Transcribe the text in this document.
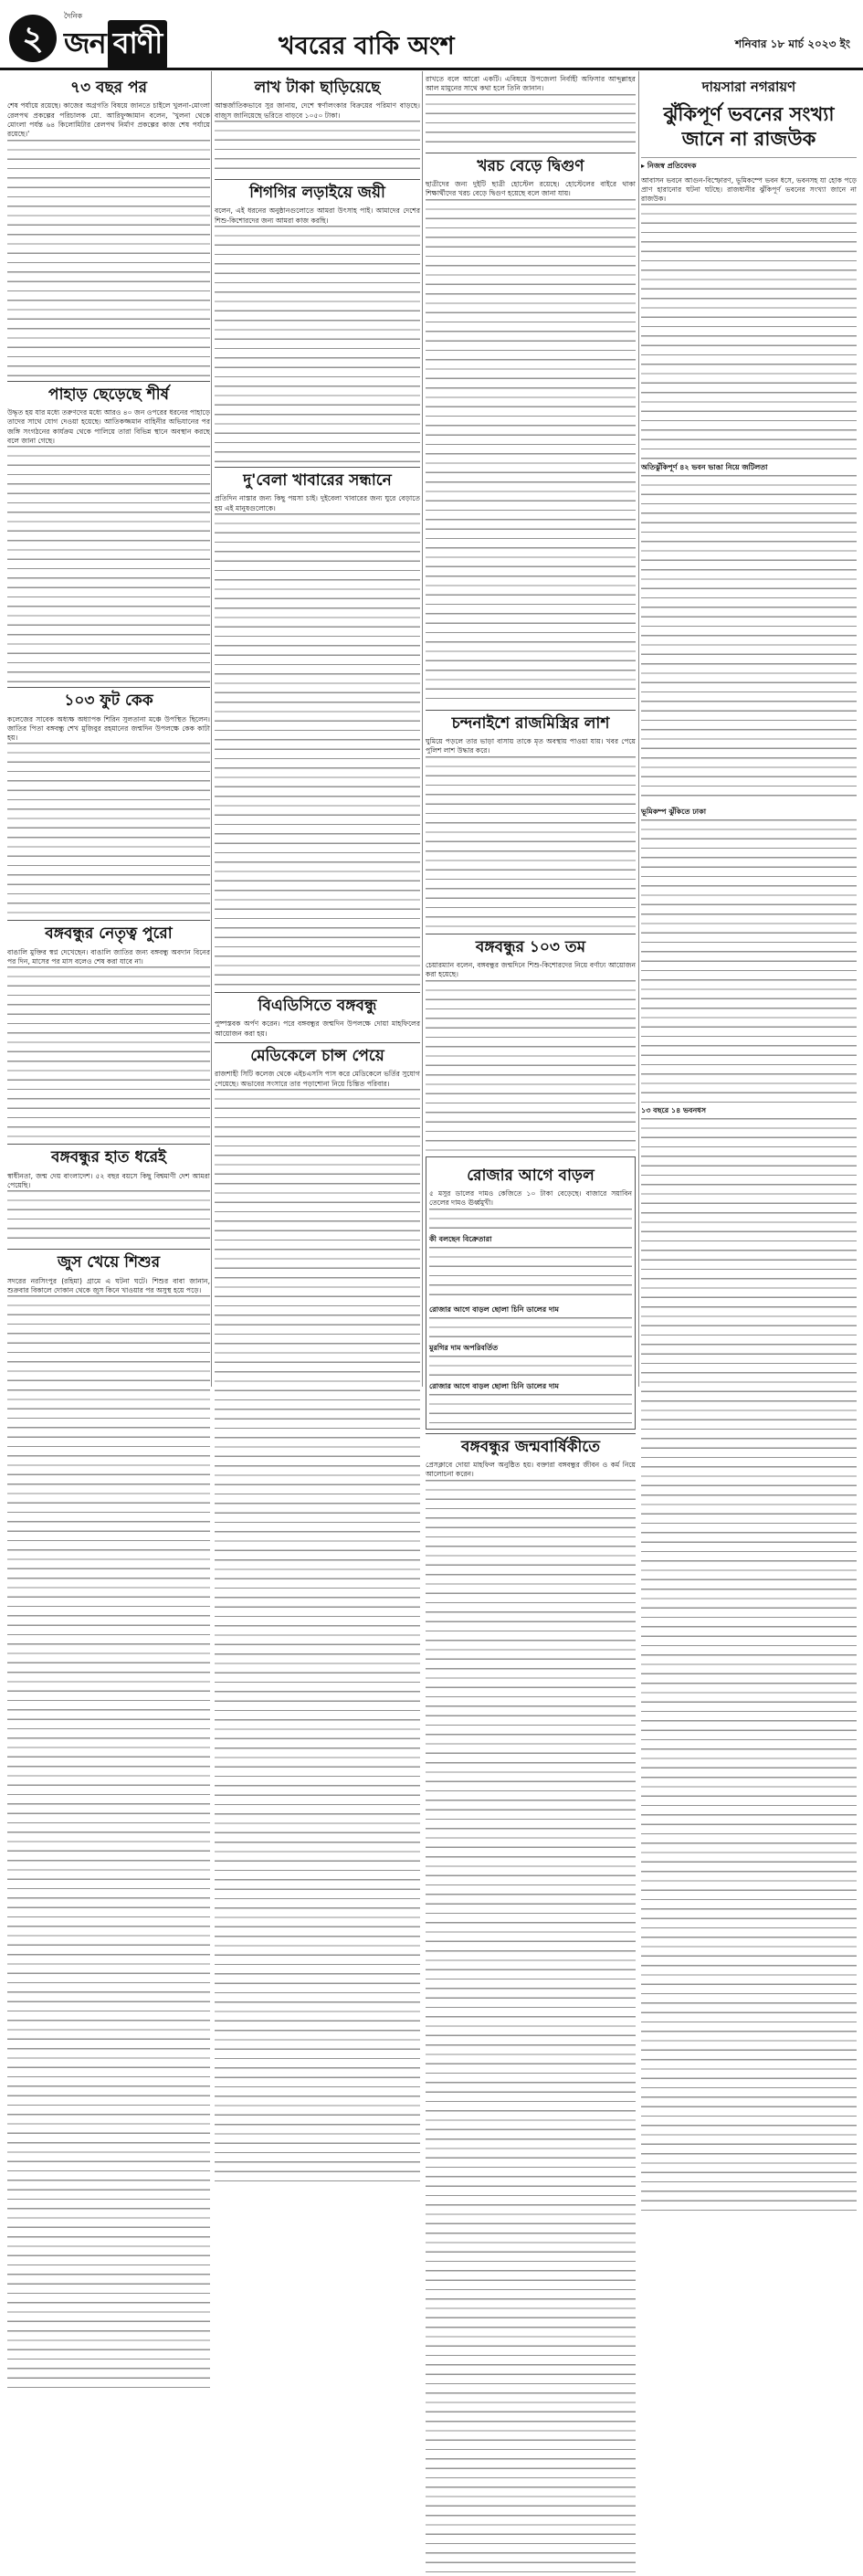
২
দৈনিক
জন বাণী	খবরের বাকি অংশ	শনিবার ১৮ মার্চ ২০২৩ ইং
৭৩ বছর পর

শেষ পর্যায়ে রয়েছে। কাজের অগ্রগতি বিষয়ে জানতে চাইলে খুলনা-মোংলা রেলপথ প্রকল্পের পরিচালক মো. আরিফুজ্জামান বলেন, 'খুলনা থেকে মোংলা পর্যন্ত ৬৪ কিলোমিটার রেলপথ নির্মাণ প্রকল্পের কাজ শেষ পর্যায়ে রয়েছে।'

পাহাড় ছেড়েছে শীর্ষ

উদ্ধৃত হয় যার মধ্যে তরুণদের মধ্যে আরও ৪০ জন ওপরের ধরনের পাহাড়ে তাদের সাথে যোগ দেওয়া হয়েছে। আতিকজ্জমান বাহিনীর অভিযানের পর জঙ্গি সংগঠনের কার্যক্রম থেকে পালিয়ে তারা বিভিন্ন স্থানে অবস্থান করছে বলে জানা গেছে।

১০৩ ফুট কেক

কলেজের সাবেক অধ্যক্ষ অধ্যাপক শিরিন সুলতানা মঞ্চে উপস্থিত ছিলেন। জাতির পিতা বঙ্গবন্ধু শেখ মুজিবুর রহমানের জন্মদিন উপলক্ষে কেক কাটা হয়।

বঙ্গবন্ধুর নেতৃত্ব পুরো

বাঙালি মুক্তির স্বপ্ন দেখেছেন। বাঙালি জাতির জন্য বঙ্গবন্ধু অবদান বিনের পর দিন, মাসের পর মাস বলেও শেষ করা যাবে না।

বঙ্গবন্ধুর হাত ধরেই

স্বাধীনতা, জন্ম দেয় বাংলাদেশ। ৫২ বছর বয়সে কিছু বিশ্বমাণী দেশ আমরা পেয়েছি।

জুস খেয়ে শিশুর

সদরের নরসিংপুর (রহিমা) গ্রামে এ ঘটনা ঘটে। শিশুর বাবা জানান, শুক্রবার বিকালে দোকান থেকে জুস কিনে খাওয়ার পর অসুস্থ হয়ে পড়ে।

লাখ টাকা ছাড়িয়েছে

আন্তর্জাতিকভাবে সুর জানায়, দেশে স্বর্ণালংকার বিক্রয়ের পরিমাণ বাড়ছে। বাজুস জানিয়েছে ভরিতে বাড়বে ১০৫০ টাকা।

শিগগির লড়াইয়ে জয়ী

বলেন, এই ধরনের অনুষ্ঠানগুলোতে আমরা উৎসাহ পাই। আমাদের দেশের শিশু-কিশোরদের জন্য আমরা কাজ করছি।

দু'বেলা খাবারের সন্ধানে

প্রতিদিন নাস্তার জন্য কিছু পয়সা চাই। দুইবেলা খাবারের জন্য ঘুরে বেড়াতে হয় এই মানুষগুলোকে।

বিএডিসিতে বঙ্গবন্ধু

পুষ্পস্তবক অর্পণ করেন। পরে বঙ্গবন্ধুর জন্মদিন উপলক্ষে দোয়া মাহফিলের আয়োজন করা হয়।

মেডিকেলে চান্স পেয়ে

রাজশাহী সিটি কলেজ থেকে এইচএসসি পাস করে মেডিকেলে ভর্তির সুযোগ পেয়েছে। অভাবের সংসারে তার পড়াশোনা নিয়ে চিন্তিত পরিবার।

রাখতে বলে আরো একটি। এবিষয়ে উপজেলা নির্বাহী অফিসার আব্দুল্লাহর আল মামুনের সাথে কথা হলে তিনি জানান।

খরচ বেড়ে দ্বিগুণ

ছাত্রীদের জন্য দুইটি ছাত্রী হোস্টেল রয়েছে। হোস্টেলের বাইরে থাকা শিক্ষার্থীদের খরচ বেড়ে দ্বিগুণ হয়েছে বলে জানা যায়।

চন্দনাইশে রাজমিস্ত্রির লাশ

ঘুমিয়ে পড়লে তার ভাড়া বাসায় তাকে মৃত অবস্থায় পাওয়া যায়। খবর পেয়ে পুলিশ লাশ উদ্ধার করে।

বঙ্গবন্ধুর ১০৩ তম

চেয়ারম্যান বলেন, বঙ্গবন্ধুর জন্মদিনে শিশু-কিশোরদের নিয়ে বর্ণাঢ্য আয়োজন করা হয়েছে।

রোজার আগে বাড়ল

৫ মসুর ডালের দামও কেজিতে ১০ টাকা বেড়েছে। বাজারে সয়াবিন তেলের দামও ঊর্ধ্বমুখী।

কী বলছেন বিক্রেতারা
রোজার আগে বাড়ল ছোলা চিনি ডালের দাম
মুরগির দাম অপরিবর্তিত
রোজার আগে বাড়ল ছোলা চিনি ডালের দাম
বঙ্গবন্ধুর জন্মবার্ষিকীতে

প্রেসক্লাবে দোয়া মাহফিল অনুষ্ঠিত হয়। বক্তারা বঙ্গবন্ধুর জীবন ও কর্ম নিয়ে আলোচনা করেন।

দায়সারা নগরায়ণ
ঝুঁকিপূর্ণ ভবনের সংখ্যা জানে না রাজউক
▸ নিজস্ব প্রতিবেদক

আবাসন ভবনে আগুন-বিস্ফোরণ, ভূমিকম্পে ভবন ধসে, ভবনসহ যা হোক পড়ে প্রাণ হারানোর ঘটনা ঘটছে। রাজধানীর ঝুঁকিপূর্ণ ভবনের সংখ্যা জানে না রাজউক।

অতিঝুঁকিপূর্ণ ৪২ ভবন ভাঙা নিয়ে জটিলতা
ভূমিকম্প ঝুঁকিতে ঢাকা
১৩ বছরে ১৪ ভবনধস
